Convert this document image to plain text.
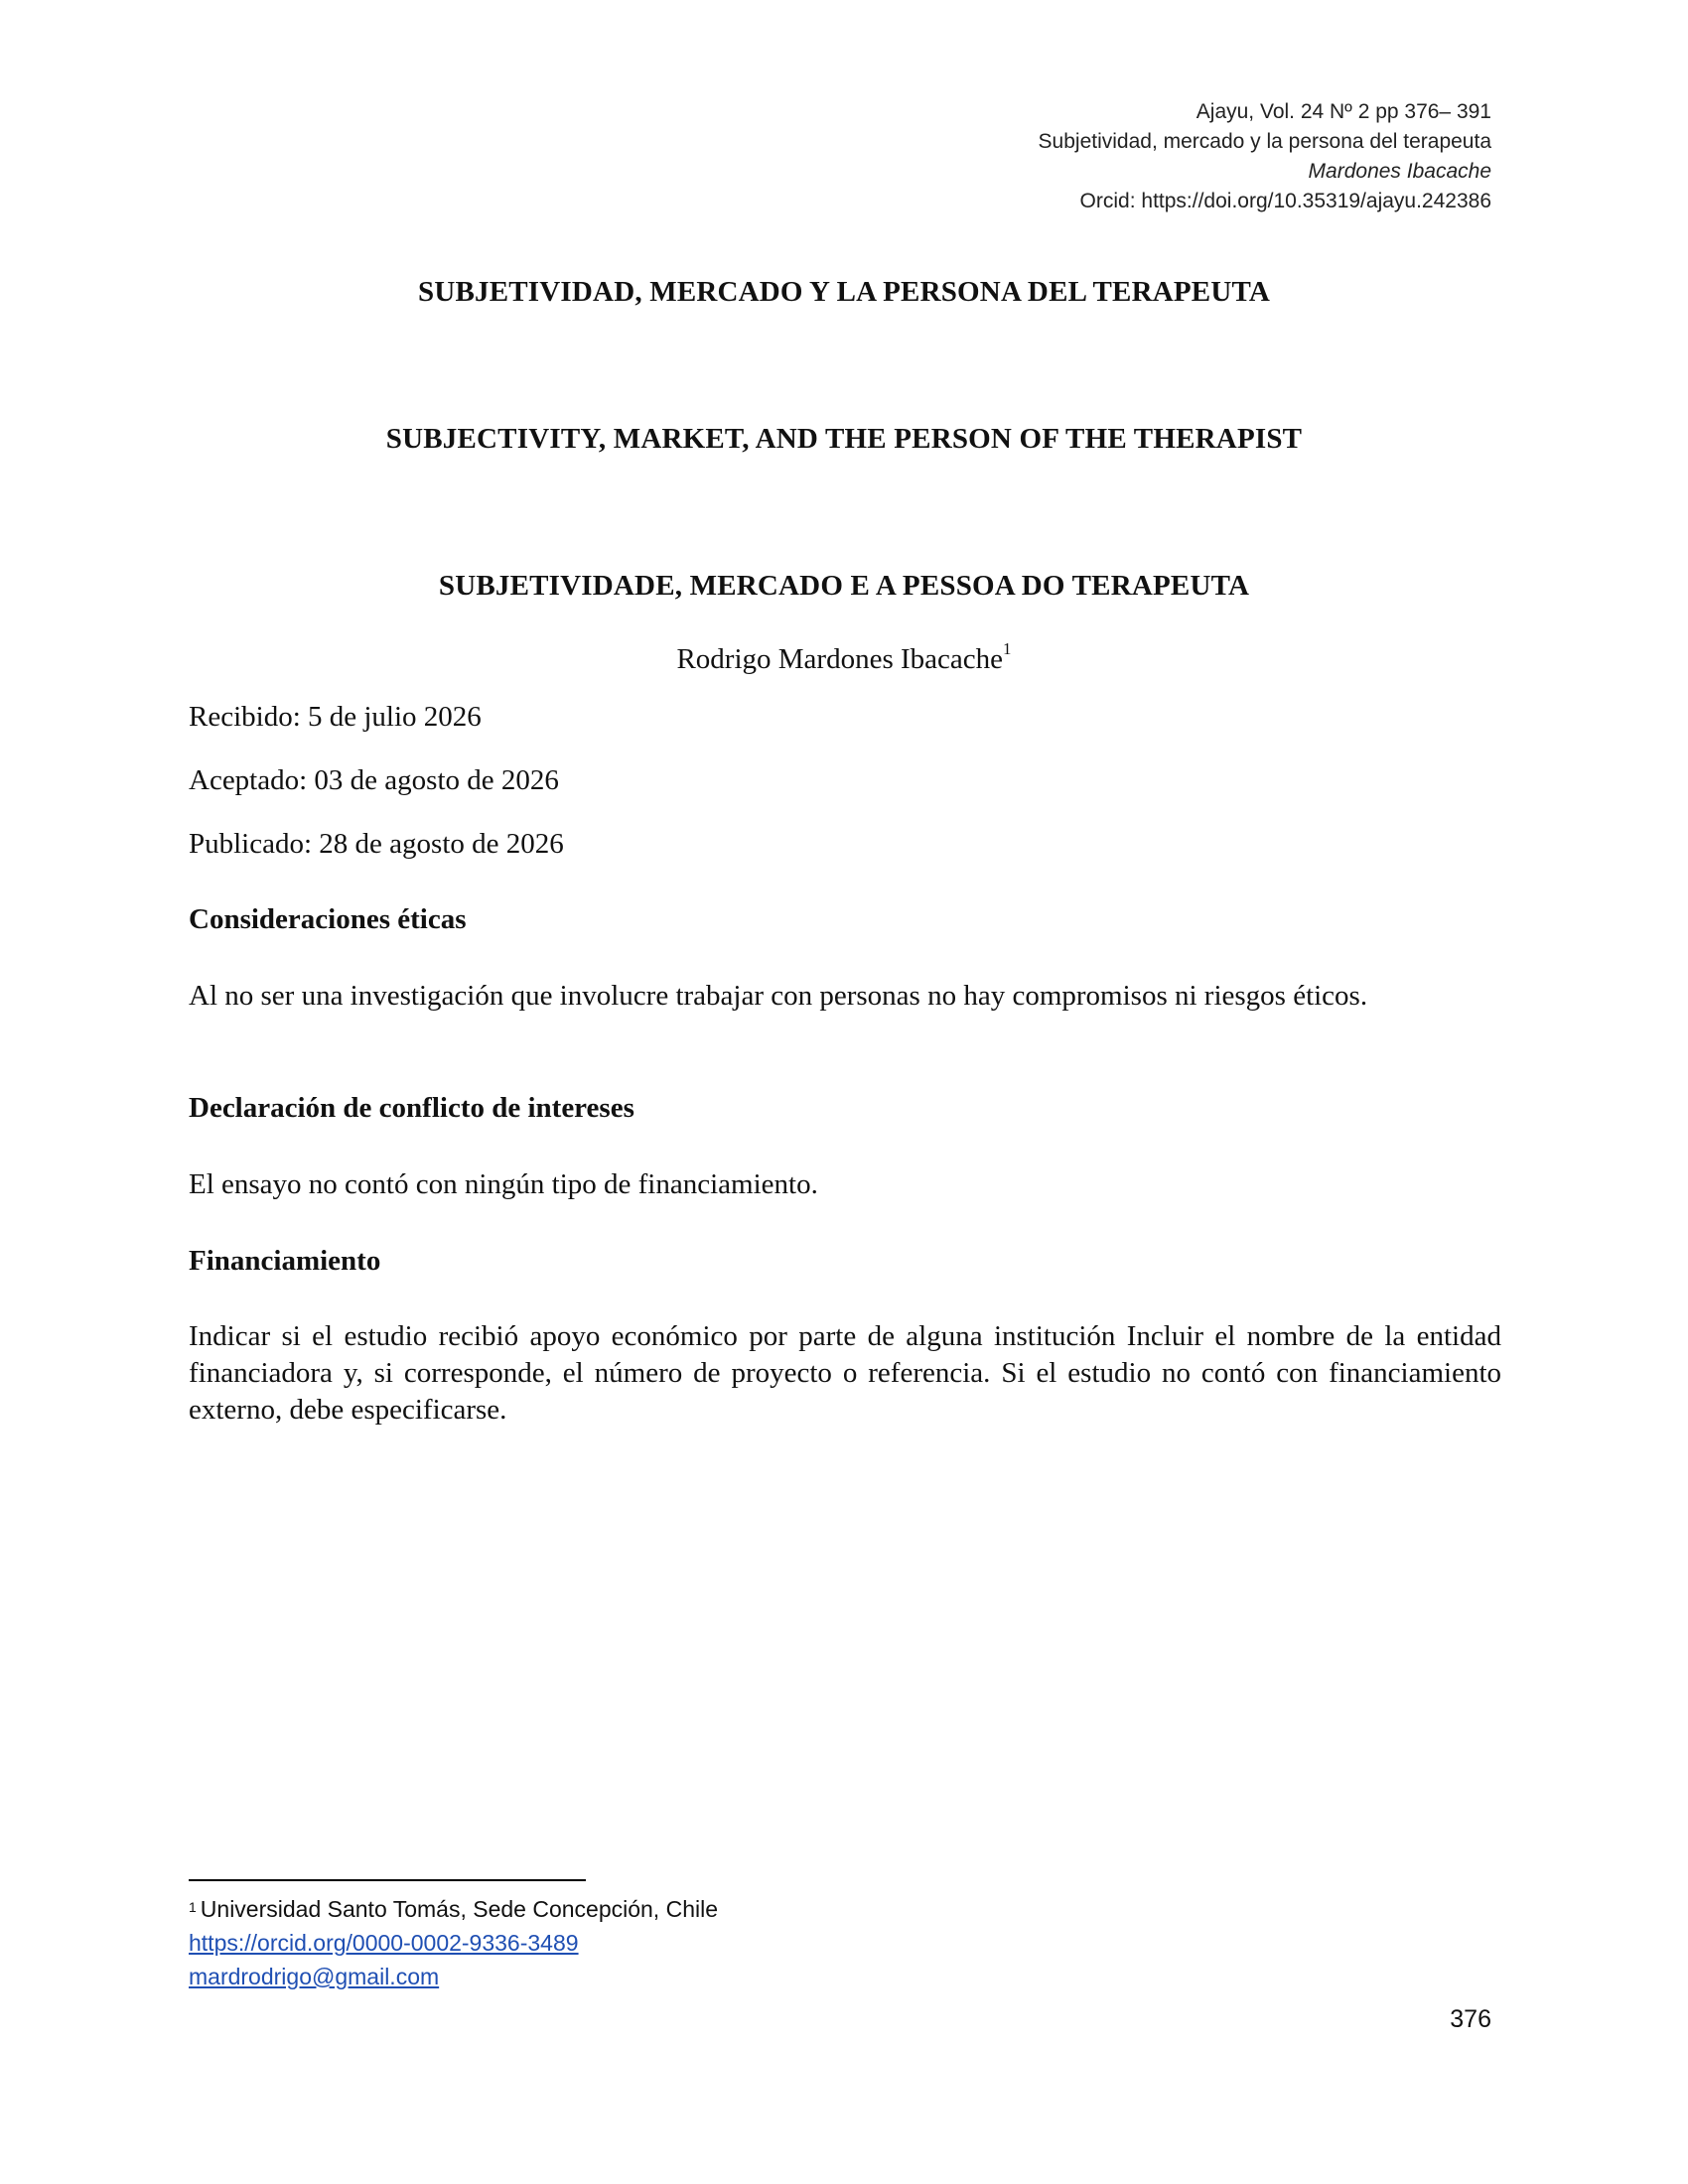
Ajayu, Vol. 24 Nº 2 pp 376– 391
Subjetividad, mercado y la persona del terapeuta
Mardones Ibacache
Orcid: https://doi.org/10.35319/ajayu.242386
SUBJETIVIDAD, MERCADO Y LA PERSONA DEL TERAPEUTA
SUBJECTIVITY, MARKET, AND THE PERSON OF THE THERAPIST
SUBJETIVIDADE, MERCADO E A PESSOA DO TERAPEUTA
Rodrigo Mardones Ibacache$^1$

Recibido: 5 de julio 2026

Aceptado: 03 de agosto de 2026

Publicado: 28 de agosto de 2026

Consideraciones éticas

Al no ser una investigación que involucre trabajar con personas no hay compromisos ni riesgos éticos.

Declaración de conflicto de intereses

El ensayo no contó con ningún tipo de financiamiento.

Financiamiento

Indicar si el estudio recibió apoyo económico por parte de alguna institución Incluir el nombre de la entidad financiadora y, si corresponde, el número de proyecto o referencia. Si el estudio no contó con financiamiento externo, debe especificarse.

$^1$ Universidad Santo Tomás, Sede Concepción, Chile
https://orcid.org/0000-0002-9336-3489
mardrodrigo@gmail.com
376
